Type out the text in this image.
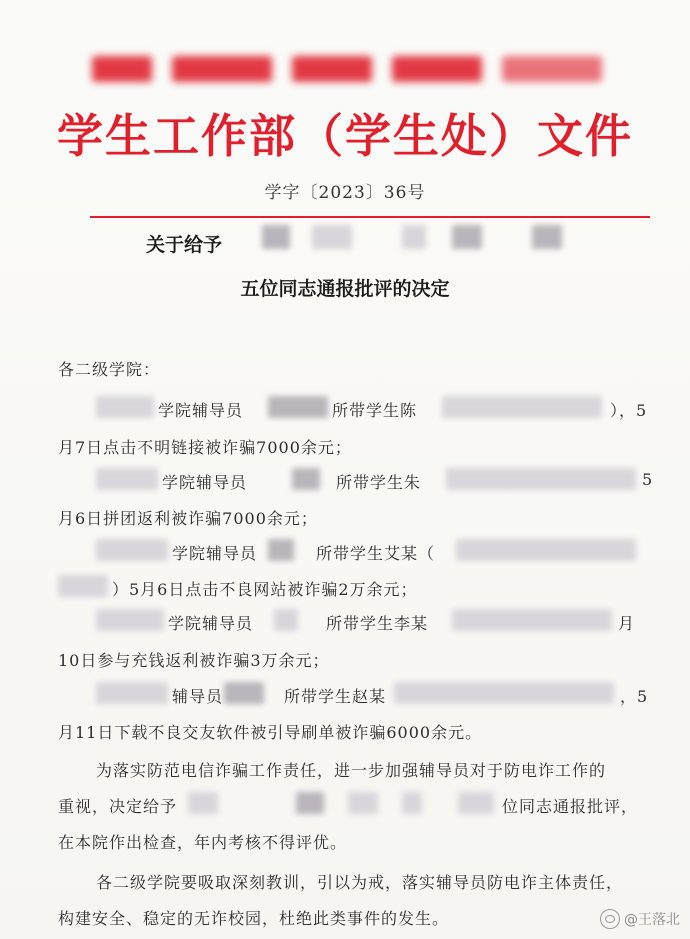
学生工作部（学生处）文件
学字〔2023〕36号
关于给予
五位同志通报批评的决定
各二级学院：
学院辅导员	所带学生陈	），5
月7日点击不明链接被诈骗7000余元；
学院辅导员	所带学生朱	5
月6日拼团返利被诈骗7000余元；
学院辅导员	所带学生艾某（
）5月6日点击不良网站被诈骗2万余元；
学院辅导员	所带学生李某	月
10日参与充钱返利被诈骗3万余元；
辅导员	所带学生赵某	，5
月11日下载不良交友软件被引导刷单被诈骗6000余元。
为落实防范电信诈骗工作责任，进一步加强辅导员对于防电诈工作的
重视，决定给予	位同志通报批评，
在本院作出检查，年内考核不得评优。
各二级学院要吸取深刻教训，引以为戒，落实辅导员防电诈主体责任，
构建安全、稳定的无诈校园，杜绝此类事件的发生。	@王落北
